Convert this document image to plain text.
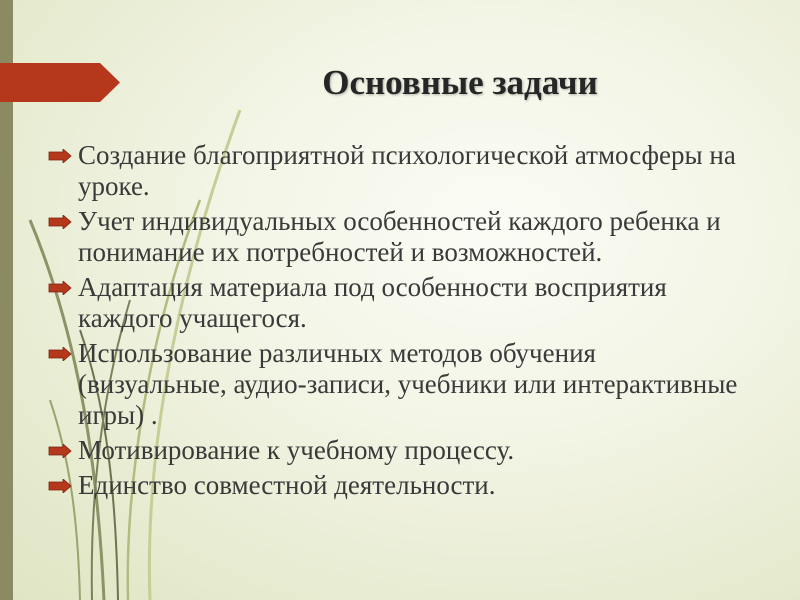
Основные задачи
Создание благоприятной психологической атмосферы на уроке.
Учет индивидуальных особенностей каждого ребенка и понимание их потребностей и возможностей.
Адаптация материала под особенности восприятия каждого учащегося.
Использование различных методов обучения (визуальные, аудио-записи, учебники или интерактивные игры) .
Мотивирование к учебному процессу.
Единство совместной деятельности.
